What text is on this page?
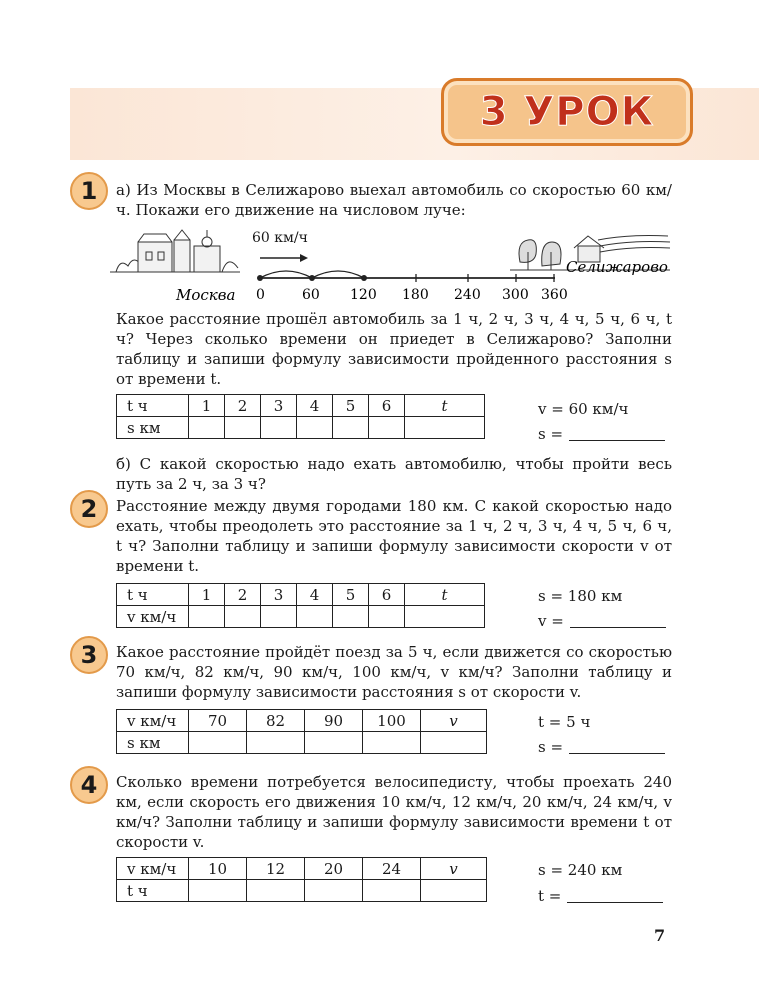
3 УРОК
1	а) Из Москвы в Селижарово выехал автомобиль со скоростью 60 км/ч. Покажи его движение на числовом луче:
60 км/ч
0	60 120 180 240 300 360
Москва
Селижарово
Какое расстояние прошёл автомобиль за 1 ч, 2 ч, 3 ч, 4 ч, 5 ч, 6 ч, t ч? Через сколько времени он приедет в Селижарово? Заполни таблицу и запиши формулу зависимости пройденного расстояния s от времени t.
t ч	1	2	3	4	5	6	t
s км							
v = 60 км/ч
s =
б) С какой скоростью надо ехать автомобилю, чтобы пройти весь путь за 2 ч, за 3 ч?
2	Расстояние между двумя городами 180 км. С какой скоростью надо ехать, чтобы преодолеть это расстояние за 1 ч, 2 ч, 3 ч, 4 ч, 5 ч, 6 ч, t ч? Заполни таблицу и запиши формулу зависимости скорости v от времени t.
t ч	1	2	3	4	5	6	t
v км/ч							
s = 180 км
v =
3	Какое расстояние пройдёт поезд за 5 ч, если движется со скоростью 70 км/ч, 82 км/ч, 90 км/ч, 100 км/ч, v км/ч? Заполни таблицу и запиши формулу зависимости расстояния s от скорости v.
v км/ч	70	82	90	100	v
s км					
t = 5 ч
s =
4	Сколько времени потребуется велосипедисту, чтобы проехать 240 км, если скорость его движения 10 км/ч, 12 км/ч, 20 км/ч, 24 км/ч, v км/ч? Заполни таблицу и запиши формулу зависимости времени t от скорости v.
v км/ч	10	12	20	24	v
t ч					
s = 240 км
t =
7
